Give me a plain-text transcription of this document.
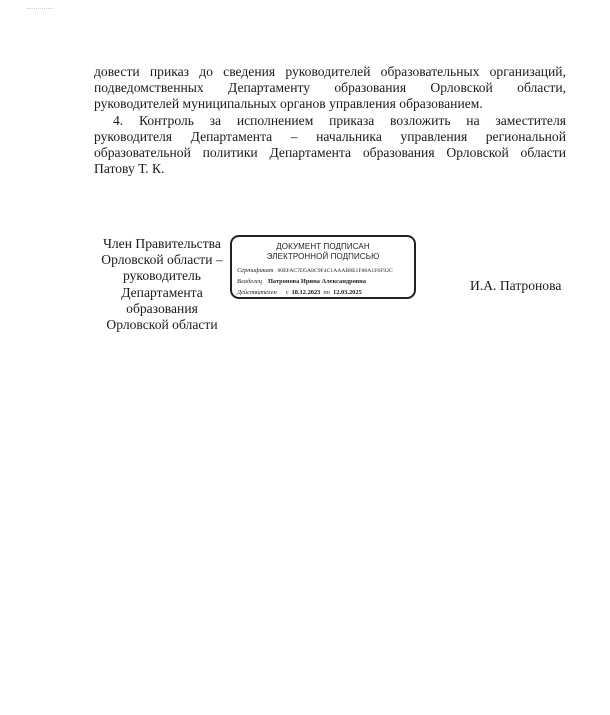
довести приказ до сведения руководителей образовательных организаций,
подведомственных Департаменту образования Орловской области,
руководителей муниципальных органов управления образованием.

4. Контроль за исполнением приказа возложить на заместителя
руководителя Департамента – начальника управления региональной
образовательной политики Департамента образования Орловской области
Патову Т. К.

Член Правительства
Орловской области –
руководитель
Департамента
образования
Орловской области
ДОКУМЕНТ ПОДПИСАН
ЭЛЕКТРОННОЙ ПОДПИСЬЮ
Сертификат 00EFAC7D5A8C9F4C1AAAB8E1F88A1F6F92C
Владелец Патронова Ирина Александровна
Действителен с 18.12.2023 по 12.03.2025	И.А. Патронова
